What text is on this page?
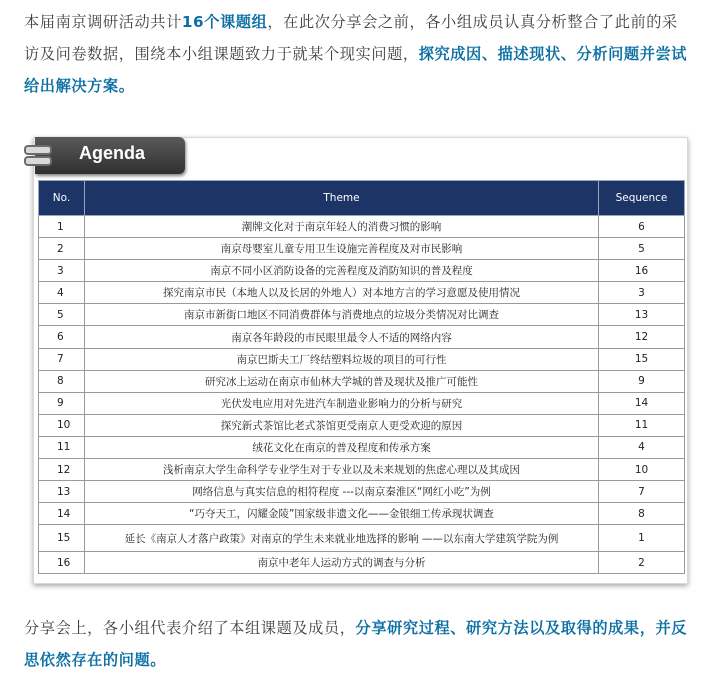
本届南京调研活动共计16个课题组，在此次分享会之前，各小组成员认真分析整合了此前的采访及问卷数据，围绕本小组课题致力于就某个现实问题，探究成因、描述现状、分析问题并尝试给出解决方案。
Agenda
No.	Theme	Sequence
1	潮牌文化对于南京年轻人的消费习惯的影响	6
2	南京母婴室儿童专用卫生设施完善程度及对市民影响	5
3	南京不同小区消防设备的完善程度及消防知识的普及程度	16
4	探究南京市民（本地人以及长居的外地人）对本地方言的学习意愿及使用情况	3
5	南京市新街口地区不同消费群体与消费地点的垃圾分类情况对比调查	13
6	南京各年龄段的市民眼里最令人不适的网络内容	12
7	南京巴斯夫工厂终结塑料垃圾的项目的可行性	15
8	研究冰上运动在南京市仙林大学城的普及现状及推广可能性	9
9	光伏发电应用对先进汽车制造业影响力的分析与研究	14
10	探究新式茶馆比老式茶馆更受南京人更受欢迎的原因	11
11	绒花文化在南京的普及程度和传承方案	4
12	浅析南京大学生命科学专业学生对于专业以及未来规划的焦虑心理以及其成因	10
13	网络信息与真实信息的相符程度 ---以南京秦淮区“网红小吃”为例	7
14	“巧夺天工，闪耀金陵”国家级非遗文化——金银细工传承现状调查	8
15	延长《南京人才落户政策》对南京的学生未来就业地选择的影响 ——以东南大学建筑学院为例	1
16	南京中老年人运动方式的调查与分析	2
分享会上，各小组代表介绍了本组课题及成员，分享研究过程、研究方法以及取得的成果，并反思依然存在的问题。
